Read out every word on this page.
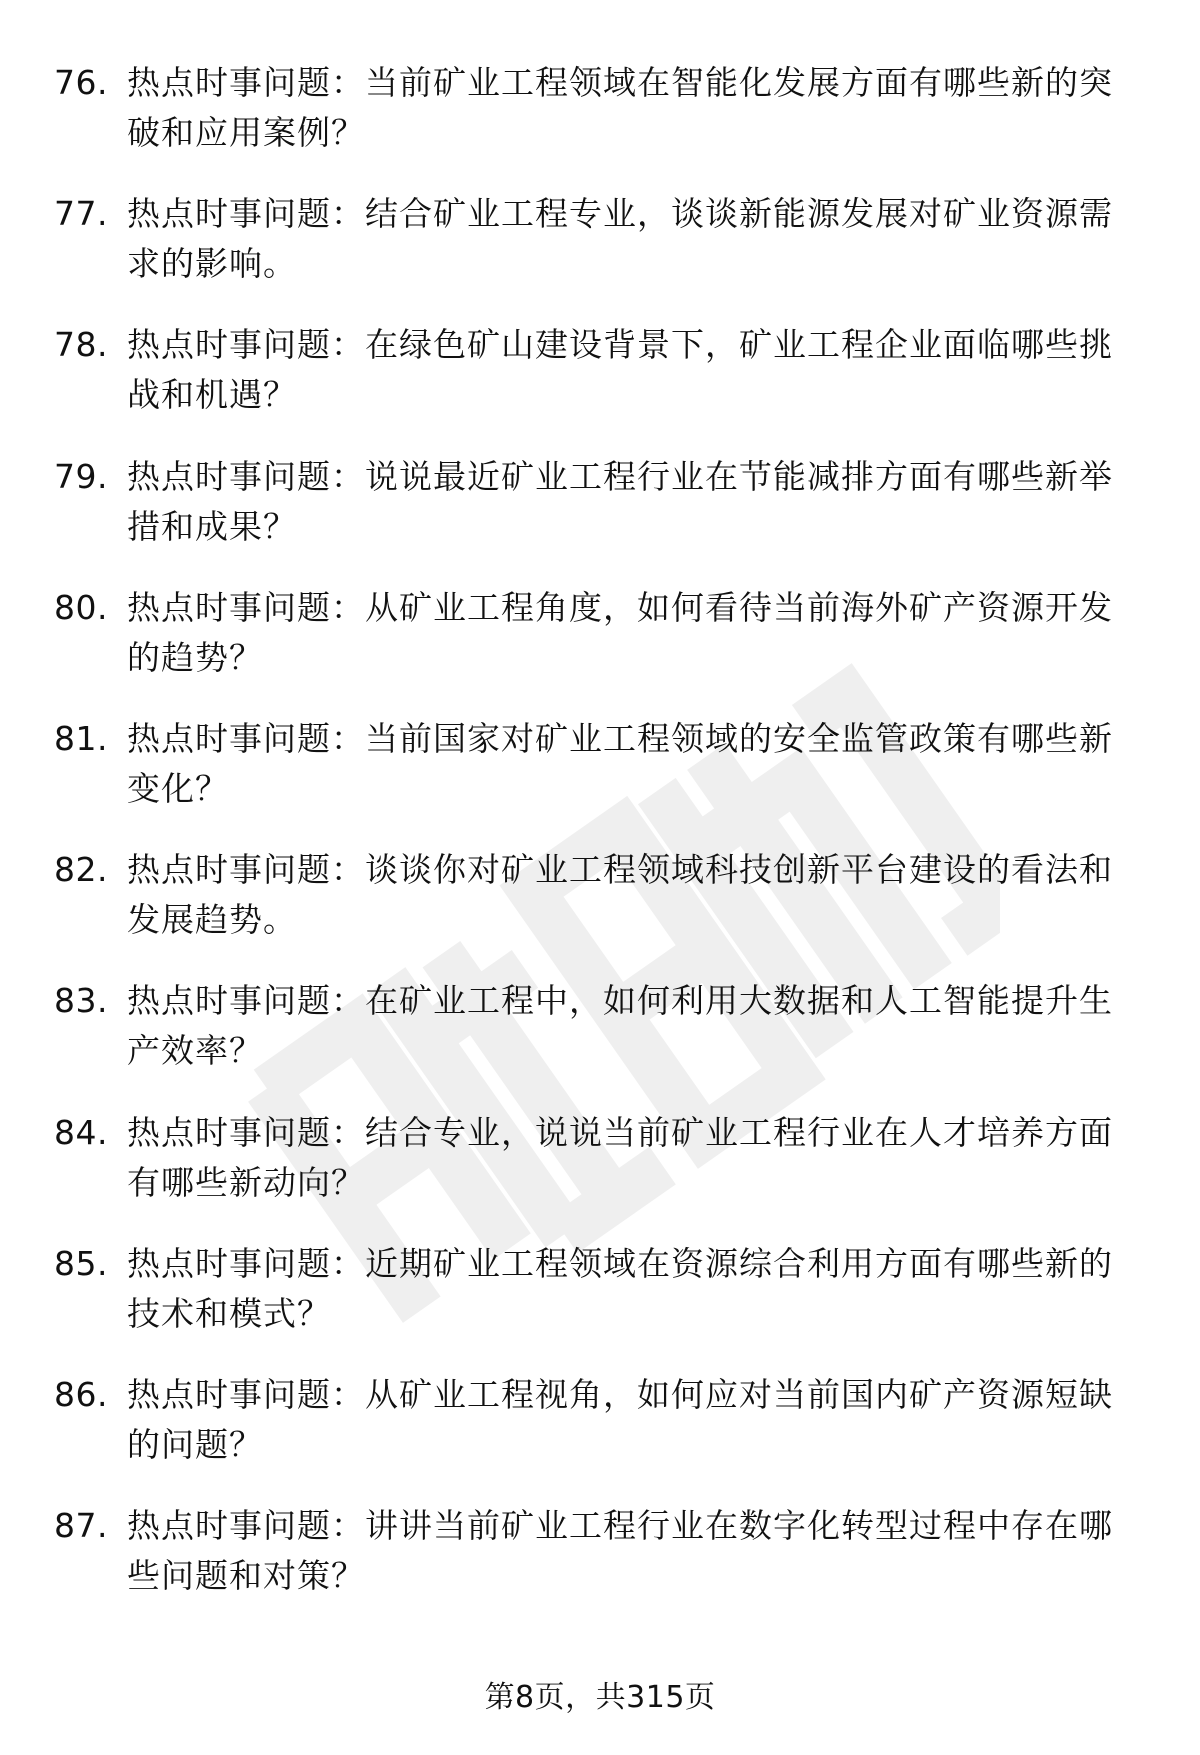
76. 热点时事问题：当前矿业工程领域在智能化发展方面有哪些新的突破和应用案例？
77. 热点时事问题：结合矿业工程专业，谈谈新能源发展对矿业资源需求的影响。
78. 热点时事问题：在绿色矿山建设背景下，矿业工程企业面临哪些挑战和机遇？
79. 热点时事问题：说说最近矿业工程行业在节能减排方面有哪些新举措和成果？
80. 热点时事问题：从矿业工程角度，如何看待当前海外矿产资源开发的趋势？
81. 热点时事问题：当前国家对矿业工程领域的安全监管政策有哪些新变化？
82. 热点时事问题：谈谈你对矿业工程领域科技创新平台建设的看法和发展趋势。
83. 热点时事问题：在矿业工程中，如何利用大数据和人工智能提升生产效率？
84. 热点时事问题：结合专业，说说当前矿业工程行业在人才培养方面有哪些新动向？
85. 热点时事问题：近期矿业工程领域在资源综合利用方面有哪些新的技术和模式？
86. 热点时事问题：从矿业工程视角，如何应对当前国内矿产资源短缺的问题？
87. 热点时事问题：讲讲当前矿业工程行业在数字化转型过程中存在哪些问题和对策？
第8页，共315页
